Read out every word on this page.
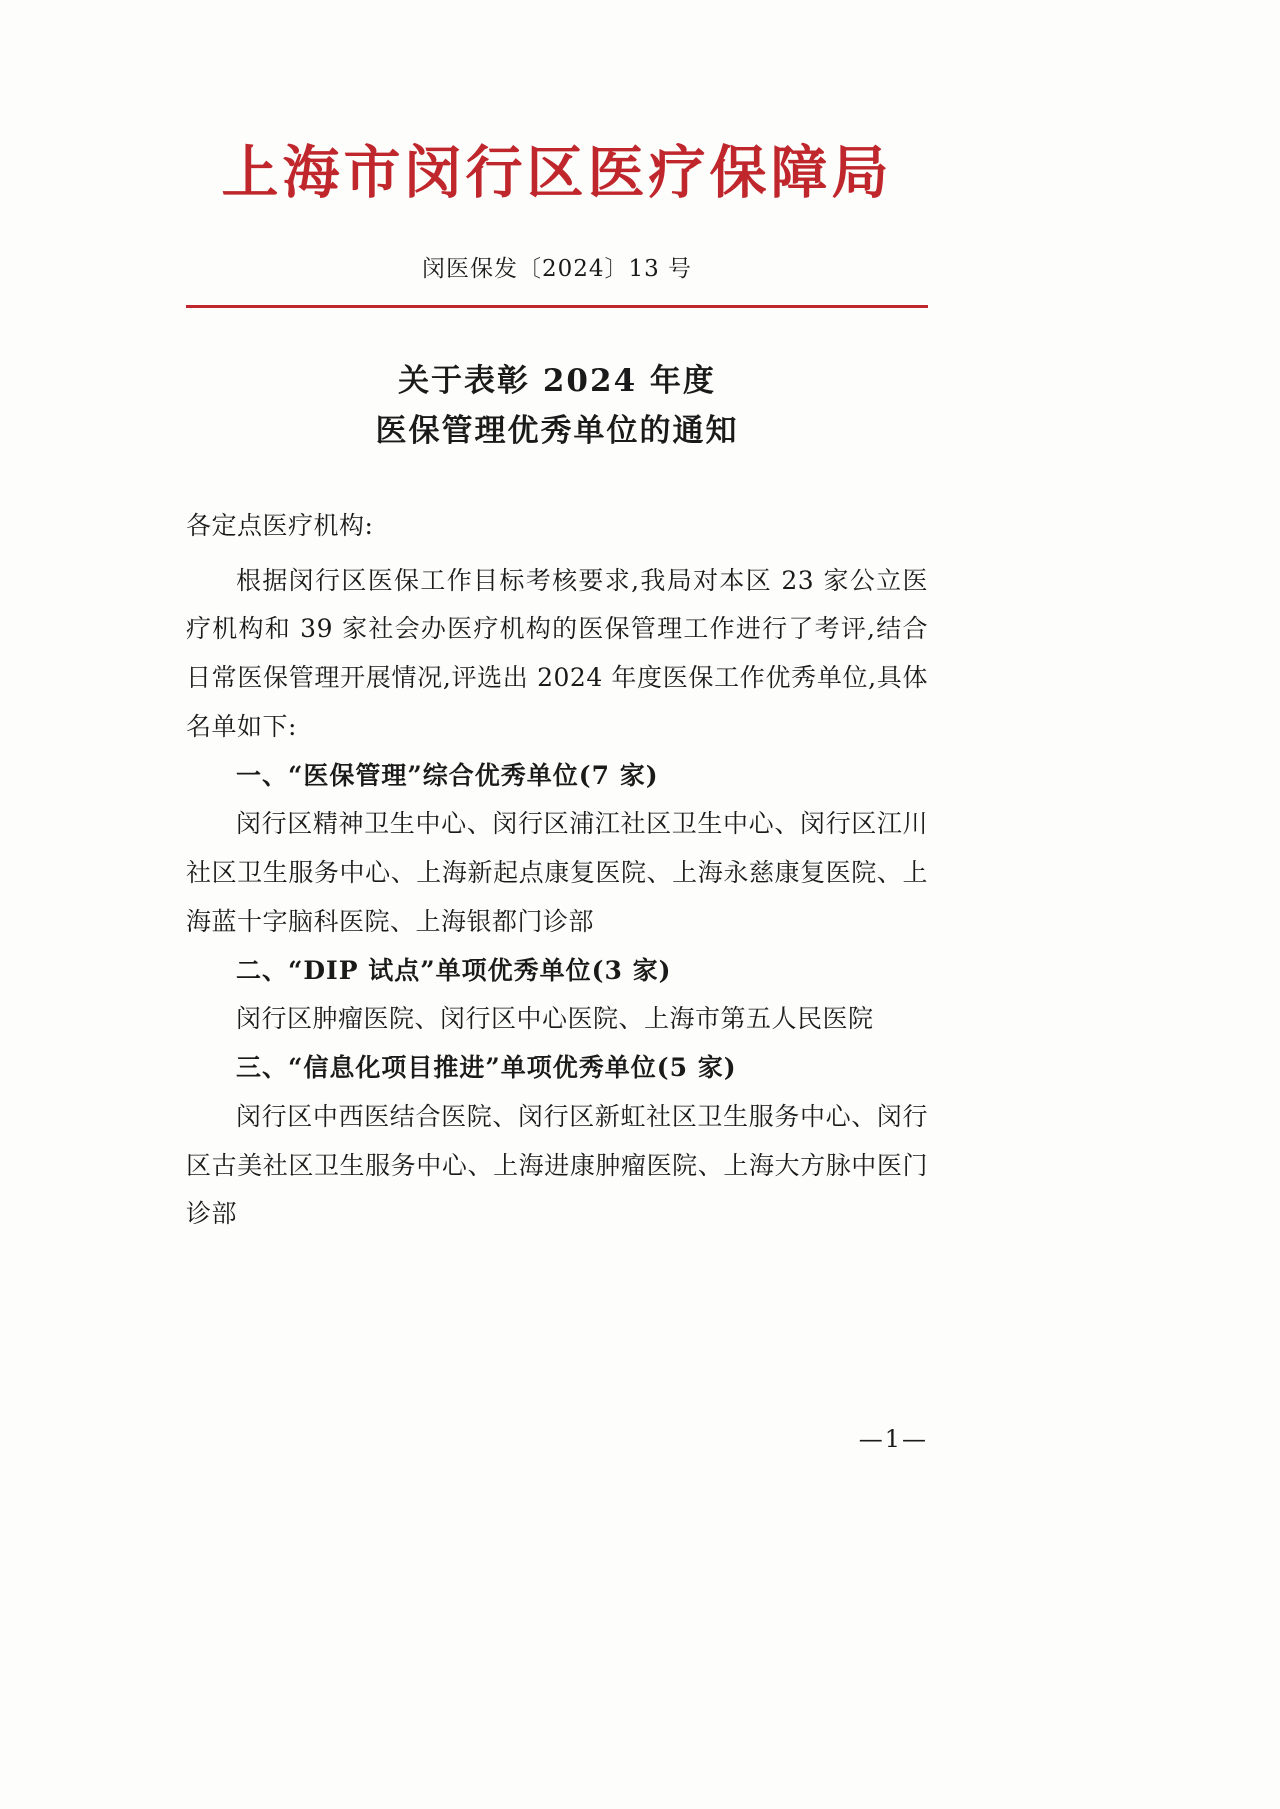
上海市闵行区医疗保障局
闵医保发〔2024〕13 号
关于表彰 2024 年度
医保管理优秀单位的通知

各定点医疗机构:

根据闵行区医保工作目标考核要求,我局对本区 23 家公立医疗机构和 39 家社会办医疗机构的医保管理工作进行了考评,结合日常医保管理开展情况,评选出 2024 年度医保工作优秀单位,具体名单如下:

一、“医保管理”综合优秀单位(7 家)

闵行区精神卫生中心、闵行区浦江社区卫生中心、闵行区江川社区卫生服务中心、上海新起点康复医院、上海永慈康复医院、上海蓝十字脑科医院、上海银都门诊部

二、“DIP 试点”单项优秀单位(3 家)

闵行区肿瘤医院、闵行区中心医院、上海市第五人民医院

三、“信息化项目推进”单项优秀单位(5 家)

闵行区中西医结合医院、闵行区新虹社区卫生服务中心、闵行区古美社区卫生服务中心、上海进康肿瘤医院、上海大方脉中医门诊部

—1—
